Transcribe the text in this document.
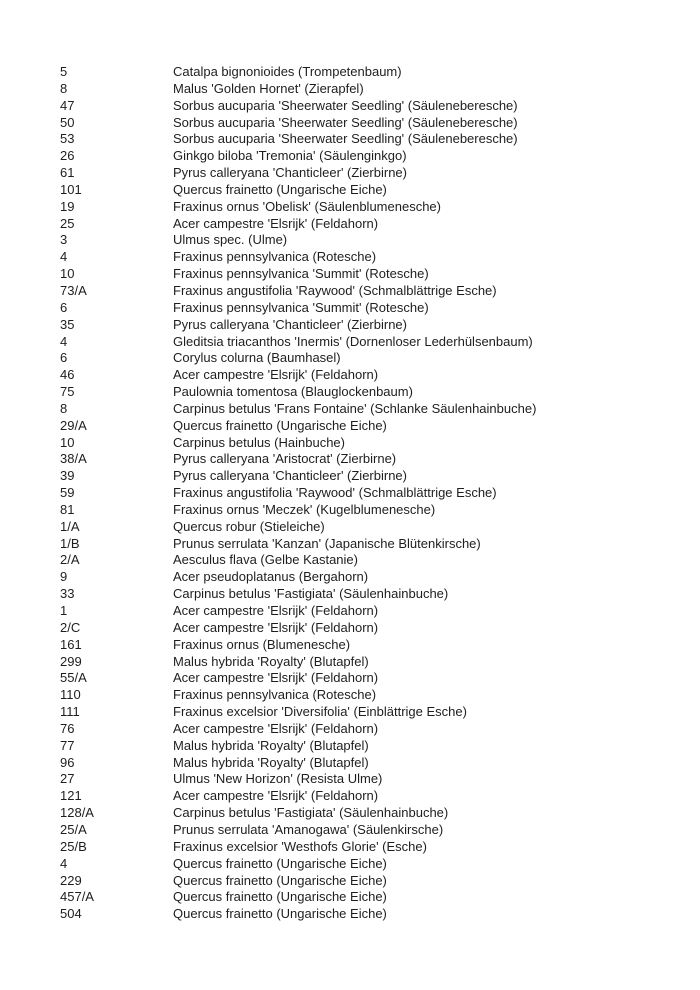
5	Catalpa bignonioides (Trompetenbaum)
8	Malus 'Golden Hornet' (Zierapfel)
47	Sorbus aucuparia 'Sheerwater Seedling' (Säuleneberesche)
50	Sorbus aucuparia 'Sheerwater Seedling' (Säuleneberesche)
53	Sorbus aucuparia 'Sheerwater Seedling' (Säuleneberesche)
26	Ginkgo biloba 'Tremonia' (Säulenginkgo)
61	Pyrus calleryana 'Chanticleer' (Zierbirne)
101	Quercus frainetto (Ungarische Eiche)
19	Fraxinus ornus 'Obelisk' (Säulenblumenesche)
25	Acer campestre 'Elsrijk' (Feldahorn)
3	Ulmus spec. (Ulme)
4	Fraxinus pennsylvanica (Rotesche)
10	Fraxinus pennsylvanica 'Summit' (Rotesche)
73/A	Fraxinus angustifolia 'Raywood' (Schmalblättrige Esche)
6	Fraxinus pennsylvanica 'Summit' (Rotesche)
35	Pyrus calleryana 'Chanticleer' (Zierbirne)
4	Gleditsia triacanthos 'Inermis' (Dornenloser Lederhülsenbaum)
6	Corylus colurna (Baumhasel)
46	Acer campestre 'Elsrijk' (Feldahorn)
75	Paulownia tomentosa (Blauglockenbaum)
8	Carpinus betulus 'Frans Fontaine' (Schlanke Säulenhainbuche)
29/A	Quercus frainetto (Ungarische Eiche)
10	Carpinus betulus (Hainbuche)
38/A	Pyrus calleryana 'Aristocrat' (Zierbirne)
39	Pyrus calleryana 'Chanticleer' (Zierbirne)
59	Fraxinus angustifolia 'Raywood' (Schmalblättrige Esche)
81	Fraxinus ornus 'Meczek' (Kugelblumenesche)
1/A	Quercus robur (Stieleiche)
1/B	Prunus serrulata 'Kanzan' (Japanische Blütenkirsche)
2/A	Aesculus flava (Gelbe Kastanie)
9	Acer pseudoplatanus (Bergahorn)
33	Carpinus betulus 'Fastigiata' (Säulenhainbuche)
1	Acer campestre 'Elsrijk' (Feldahorn)
2/C	Acer campestre 'Elsrijk' (Feldahorn)
161	Fraxinus ornus (Blumenesche)
299	Malus hybrida 'Royalty' (Blutapfel)
55/A	Acer campestre 'Elsrijk' (Feldahorn)
110	Fraxinus pennsylvanica (Rotesche)
111	Fraxinus excelsior 'Diversifolia' (Einblättrige Esche)
76	Acer campestre 'Elsrijk' (Feldahorn)
77	Malus hybrida 'Royalty' (Blutapfel)
96	Malus hybrida 'Royalty' (Blutapfel)
27	Ulmus 'New Horizon' (Resista Ulme)
121	Acer campestre 'Elsrijk' (Feldahorn)
128/A	Carpinus betulus 'Fastigiata' (Säulenhainbuche)
25/A	Prunus serrulata 'Amanogawa' (Säulenkirsche)
25/B	Fraxinus excelsior 'Westhofs Glorie' (Esche)
4	Quercus frainetto (Ungarische Eiche)
229	Quercus frainetto (Ungarische Eiche)
457/A	Quercus frainetto (Ungarische Eiche)
504	Quercus frainetto (Ungarische Eiche)
